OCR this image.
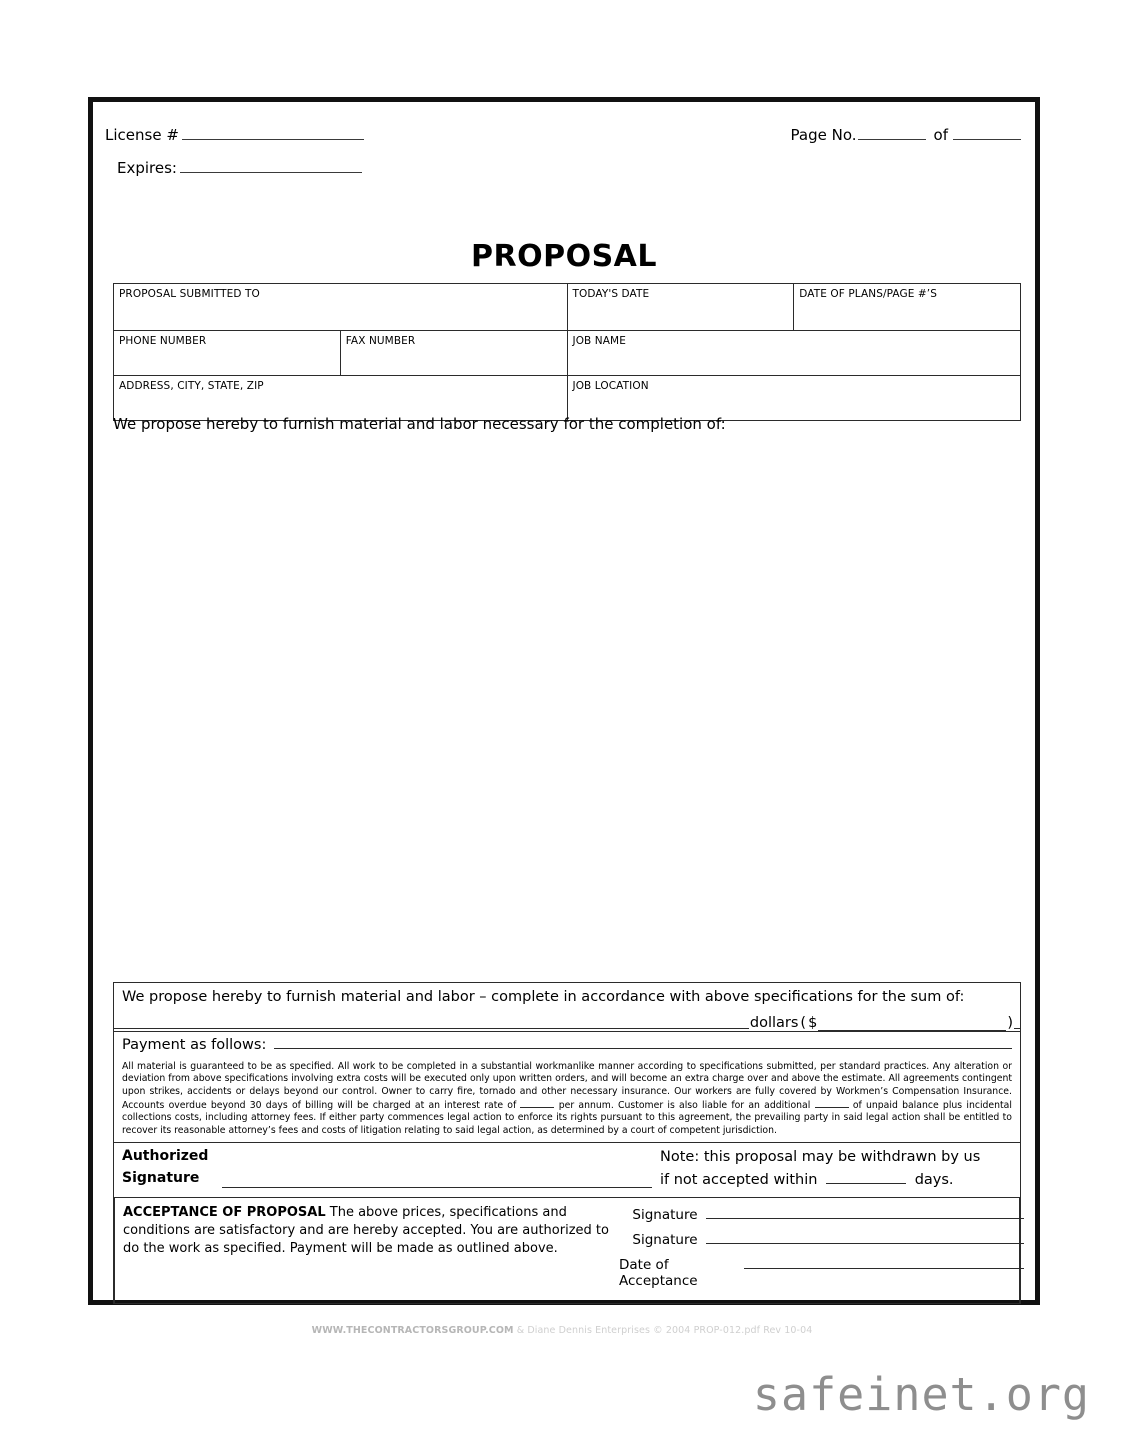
License #
Expires:
Page No.	of
PROPOSAL
PROPOSAL SUBMITTED TO		TODAY'S DATE	DATE OF PLANS/PAGE #’S

PHONE NUMBER	FAX NUMBER	JOB NAME	

ADDRESS, CITY, STATE, ZIP		JOB LOCATION	
We propose hereby to furnish material and labor necessary for the completion of:
We propose hereby to furnish material and labor – complete in accordance with above specifications for the sum of:
dollars ( $	)
Payment as follows:
All material is guaranteed to be as specified. All work to be completed in a substantial workmanlike manner according to specifications submitted, per standard practices. Any alteration or deviation from above specifications involving extra costs will be executed only upon written orders, and will become an extra charge over and above the estimate. All agreements contingent upon strikes, accidents or delays beyond our control. Owner to carry fire, tornado and other necessary insurance. Our workers are fully covered by Workmen’s Compensation Insurance. Accounts overdue beyond 30 days of billing will be charged at an interest rate of	per annum. Customer is also liable for an additional	of unpaid balance plus incidental collections costs, including attorney fees. If either party commences legal action to enforce its rights pursuant to this agreement, the prevailing party in said legal action shall be entitled to recover its reasonable attorney’s fees and costs of litigation relating to said legal action, as determined by a court of competent jurisdiction.
Authorized
Signature
Note: this proposal may be withdrawn by us
if not accepted within	days.
ACCEPTANCE OF PROPOSAL The above prices, specifications and conditions are satisfactory and are hereby accepted. You are authorized to do the work as specified. Payment will be made as outlined above.
Signature
Signature
Date of Acceptance
WWW.THECONTRACTORSGROUP.COM & Diane Dennis Enterprises © 2004 PROP-012.pdf Rev 10-04
safeinet.org
